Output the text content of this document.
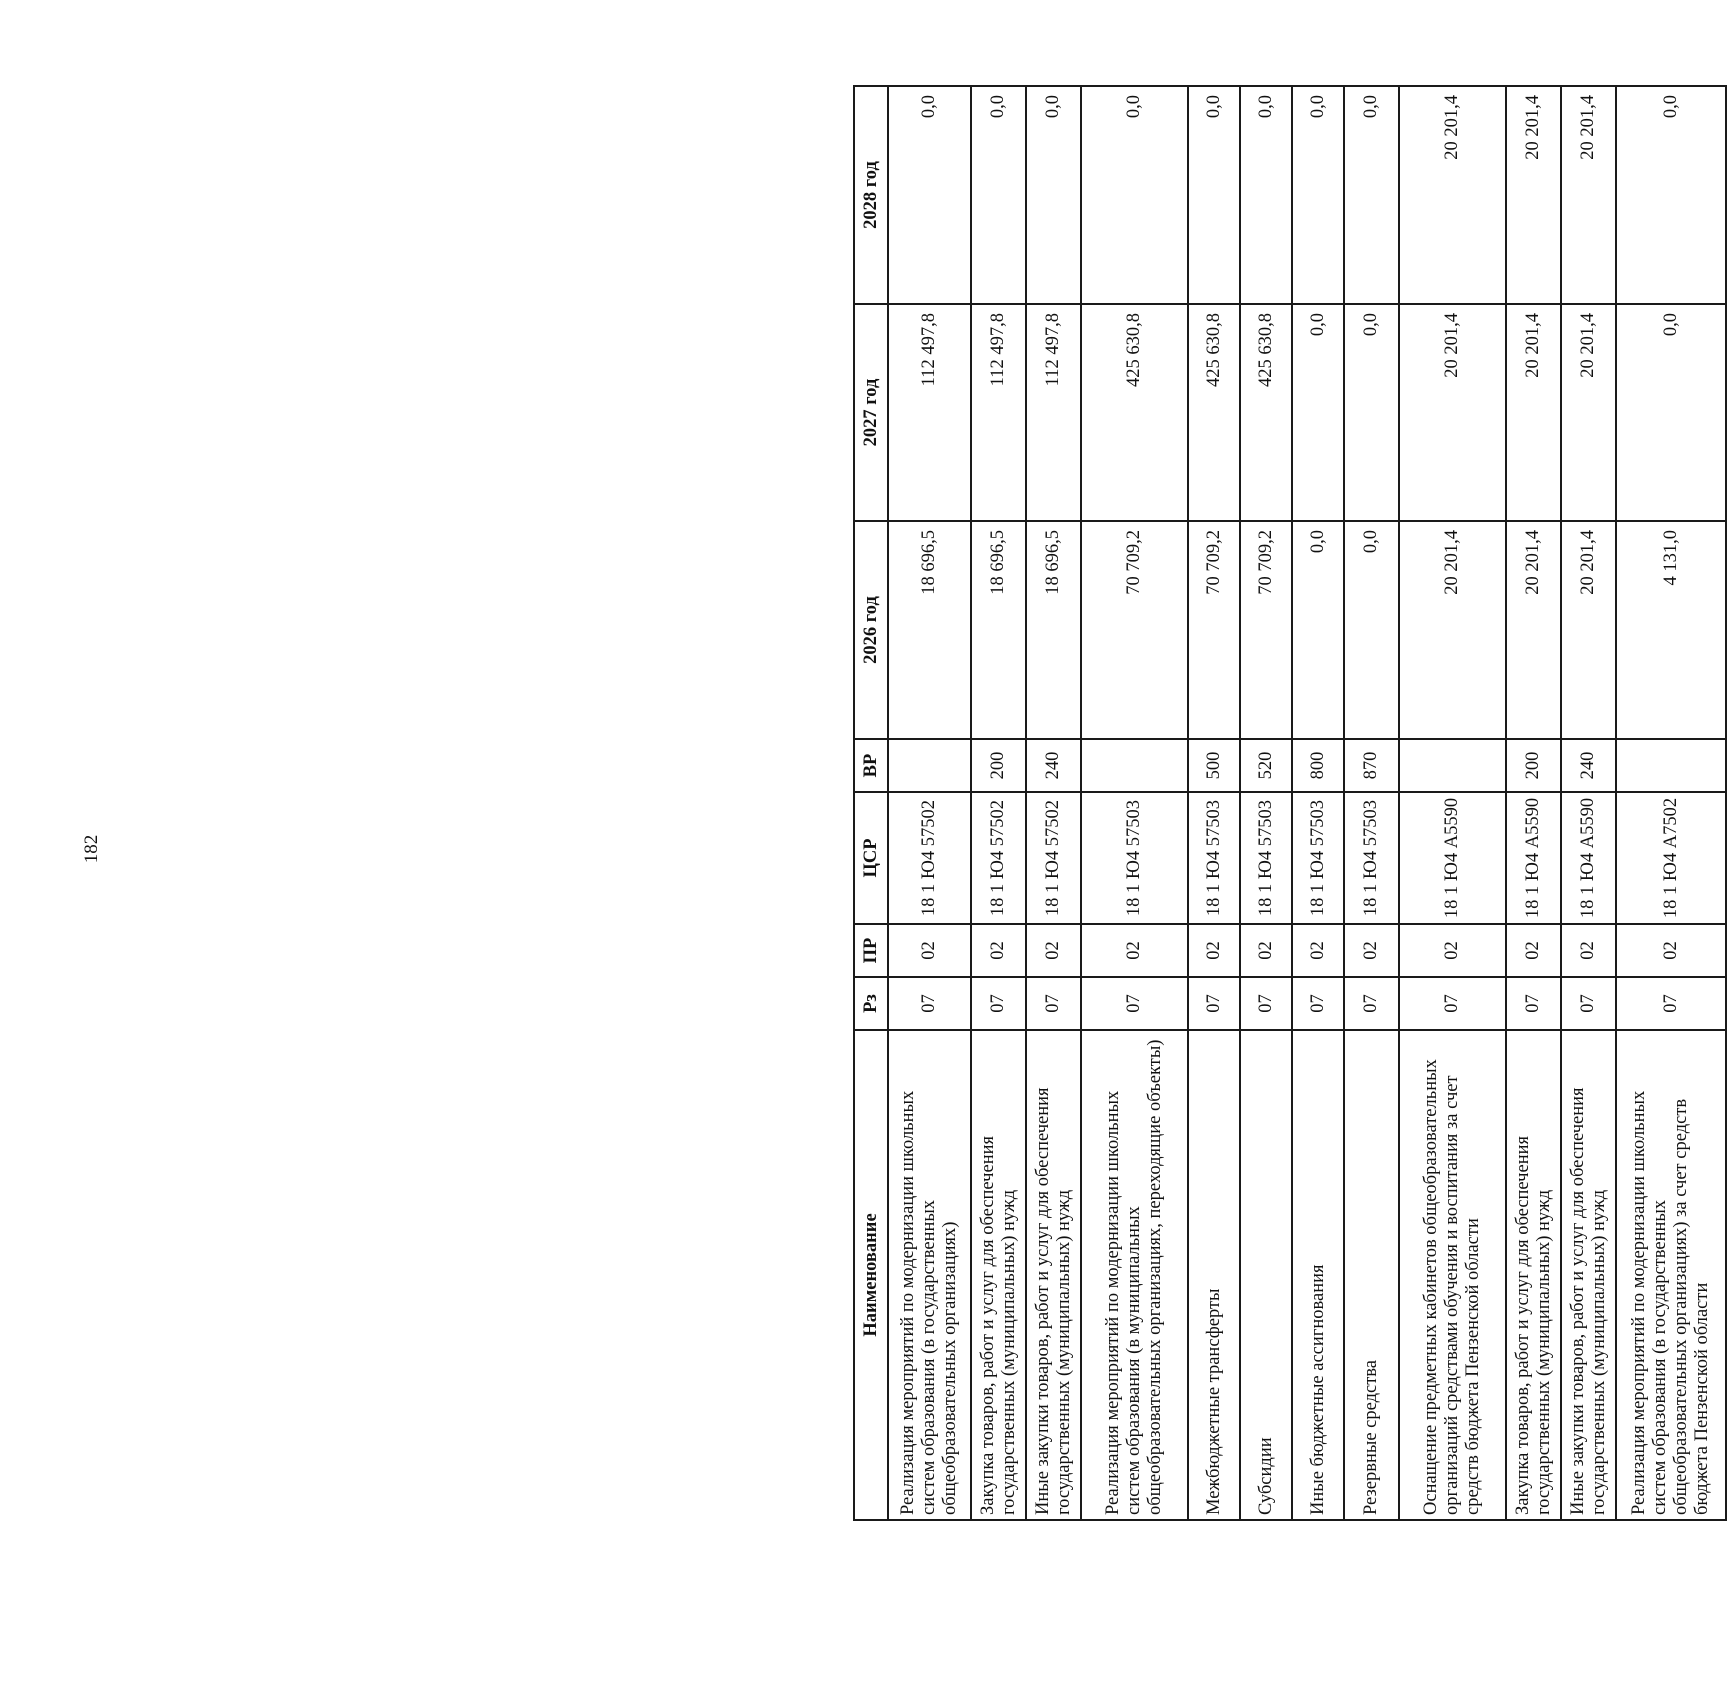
182
Наименование	Рз	ПР	ЦСР	ВР	2026 год	2027 год	2028 год
Реализация мероприятий по модернизации школьных систем образования (в государственных общеобразовательных организациях)	07	02	18 1 Ю4 57502		18 696,5	112 497,8	0,0
Закупка товаров, работ и услуг для обеспечения государственных (муниципальных) нужд	07	02	18 1 Ю4 57502	200	18 696,5	112 497,8	0,0
Иные закупки товаров, работ и услуг для обеспечения государственных (муниципальных) нужд	07	02	18 1 Ю4 57502	240	18 696,5	112 497,8	0,0
Реализация мероприятий по модернизации школьных систем образования (в муниципальных общеобразовательных организациях, переходящие объекты)	07	02	18 1 Ю4 57503		70 709,2	425 630,8	0,0
Межбюджетные трансферты	07	02	18 1 Ю4 57503	500	70 709,2	425 630,8	0,0
Субсидии	07	02	18 1 Ю4 57503	520	70 709,2	425 630,8	0,0
Иные бюджетные ассигнования	07	02	18 1 Ю4 57503	800	0,0	0,0	0,0
Резервные средства	07	02	18 1 Ю4 57503	870	0,0	0,0	0,0
Оснащение предметных кабинетов общеобразовательных организаций средствами обучения и воспитания за счет средств бюджета Пензенской области	07	02	18 1 Ю4 А5590		20 201,4	20 201,4	20 201,4
Закупка товаров, работ и услуг для обеспечения государственных (муниципальных) нужд	07	02	18 1 Ю4 А5590	200	20 201,4	20 201,4	20 201,4
Иные закупки товаров, работ и услуг для обеспечения государственных (муниципальных) нужд	07	02	18 1 Ю4 А5590	240	20 201,4	20 201,4	20 201,4
Реализация мероприятий по модернизации школьных систем образования (в государственных общеобразовательных организациях) за счет средств бюджета Пензенской области	07	02	18 1 Ю4 А7502		4 131,0	0,0	0,0
